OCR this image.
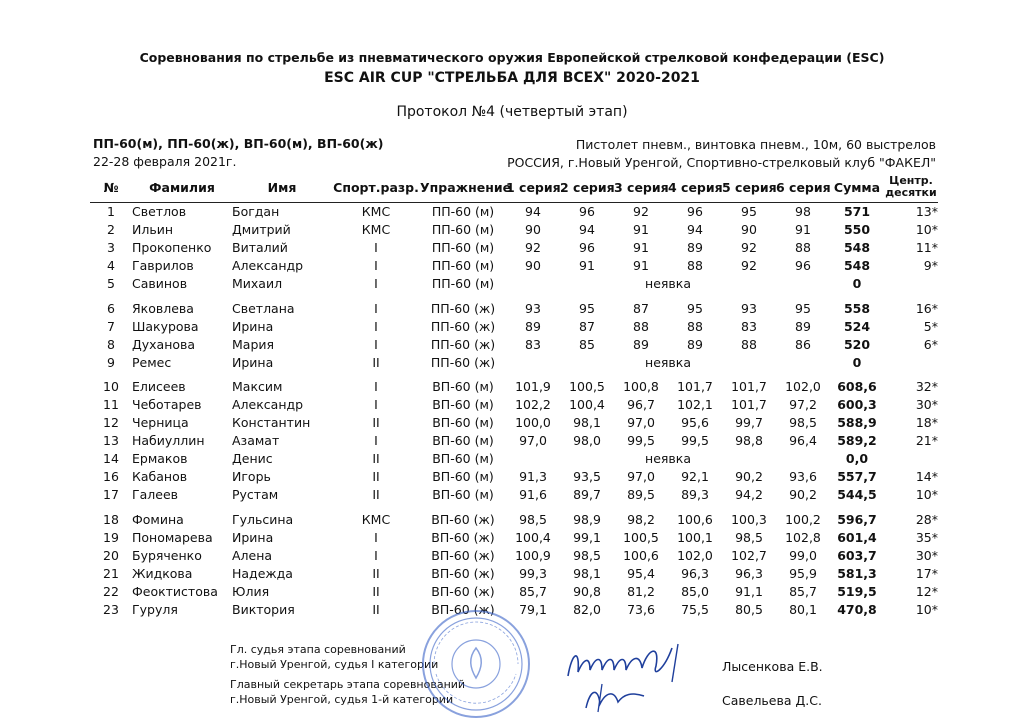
Соревнования по стрельбе из пневматического оружия Европейской стрелковой конфедерации (ESC)
ESC AIR CUP "СТРЕЛЬБА ДЛЯ ВСЕХ" 2020-2021
Протокол №4 (четвертый этап)
ПП-60(м), ПП-60(ж), ВП-60(м), ВП-60(ж)
22-28 февраля 2021г.
Пистолет пневм., винтовка пневм., 10м, 60 выстрелов
РОССИЯ, г.Новый Уренгой, Спортивно-стрелковый клуб "ФАКЕЛ"
№	Фамилия	Имя	Спорт.разр.	Упражнение	1 серия	2 серия	3 серия	4 серия	5 серия	6 серия	Сумма	Центр.
десятки
1	Светлов	Богдан	КМС	ПП-60 (м)	94	96	92	96	95	98	571	13*
2	Ильин	Дмитрий	КМС	ПП-60 (м)	90	94	91	94	90	91	550	10*
3	Прокопенко	Виталий	I	ПП-60 (м)	92	96	91	89	92	88	548	11*
4	Гаврилов	Александр	I	ПП-60 (м)	90	91	91	88	92	96	548	9*
5	Савинов	Михаил	I	ПП-60 (м)	неявка						0	
6	Яковлева	Светлана	I	ПП-60 (ж)	93	95	87	95	93	95	558	16*
7	Шакурова	Ирина	I	ПП-60 (ж)	89	87	88	88	83	89	524	5*
8	Духанова	Мария	I	ПП-60 (ж)	83	85	89	89	88	86	520	6*
9	Ремес	Ирина	II	ПП-60 (ж)	неявка						0	
10	Елисеев	Максим	I	ВП-60 (м)	101,9	100,5	100,8	101,7	101,7	102,0	608,6	32*
11	Чеботарев	Александр	I	ВП-60 (м)	102,2	100,4	96,7	102,1	101,7	97,2	600,3	30*
12	Черница	Константин	II	ВП-60 (м)	100,0	98,1	97,0	95,6	99,7	98,5	588,9	18*
13	Набиуллин	Азамат	I	ВП-60 (м)	97,0	98,0	99,5	99,5	98,8	96,4	589,2	21*
14	Ермаков	Денис	II	ВП-60 (м)	неявка						0,0	
16	Кабанов	Игорь	II	ВП-60 (м)	91,3	93,5	97,0	92,1	90,2	93,6	557,7	14*
17	Галеев	Рустам	II	ВП-60 (м)	91,6	89,7	89,5	89,3	94,2	90,2	544,5	10*
18	Фомина	Гульсина	КМС	ВП-60 (ж)	98,5	98,9	98,2	100,6	100,3	100,2	596,7	28*
19	Пономарева	Ирина	I	ВП-60 (ж)	100,4	99,1	100,5	100,1	98,5	102,8	601,4	35*
20	Буряченко	Алена	I	ВП-60 (ж)	100,9	98,5	100,6	102,0	102,7	99,0	603,7	30*
21	Жидкова	Надежда	II	ВП-60 (ж)	99,3	98,1	95,4	96,3	96,3	95,9	581,3	17*
22	Феоктистова	Юлия	II	ВП-60 (ж)	85,7	90,8	81,2	85,0	91,1	85,7	519,5	12*
23	Гуруля	Виктория	II	ВП-60 (ж)	79,1	82,0	73,6	75,5	80,5	80,1	470,8	10*
Гл. судья этапа соревнований
г.Новый Уренгой, судья I категории
Главный секретарь этапа соревнований
г.Новый Уренгой, судья 1-й категории
Лысенкова Е.В.
Савельева Д.С.
